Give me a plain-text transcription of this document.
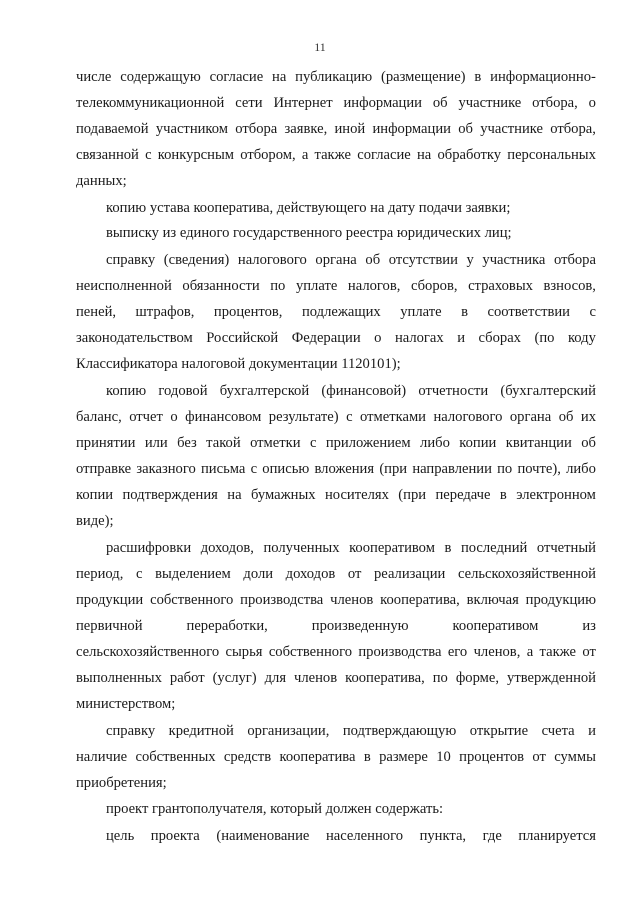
11
числе содержащую согласие на публикацию (размещение) в информационно-
телекоммуникационной сети Интернет информации об участнике отбора, о
подаваемой участником отбора заявке, иной информации об участнике отбора,
связанной с конкурсным отбором, а также согласие на обработку персональных
данных;
копию устава кооператива, действующего на дату подачи заявки;
выписку из единого государственного реестра юридических лиц;
справку (сведения) налогового органа об отсутствии у участника отбора
неисполненной обязанности по уплате налогов, сборов, страховых взносов,
пеней, штрафов, процентов, подлежащих уплате в соответствии с
законодательством Российской Федерации о налогах и сборах (по коду
Классификатора налоговой документации 1120101);
копию годовой бухгалтерской (финансовой) отчетности (бухгалтерский
баланс, отчет о финансовом результате) с отметками налогового органа об их
принятии или без такой отметки с приложением либо копии квитанции об
отправке заказного письма с описью вложения (при направлении по почте), либо
копии подтверждения на бумажных носителях (при передаче в электронном
виде);
расшифровки доходов, полученных кооперативом в последний отчетный
период, с выделением доли доходов от реализации сельскохозяйственной
продукции собственного производства членов кооператива, включая продукцию
первичной	переработки,	произведенную	кооперативом	из
сельскохозяйственного сырья собственного производства его членов, а также от
выполненных работ (услуг) для членов кооператива, по форме, утвержденной
министерством;
справку кредитной организации, подтверждающую открытие счета и
наличие собственных средств кооператива в размере 10 процентов от суммы
приобретения;
проект грантополучателя, который должен содержать:
цель проекта (наименование населенного пункта, где планируется
